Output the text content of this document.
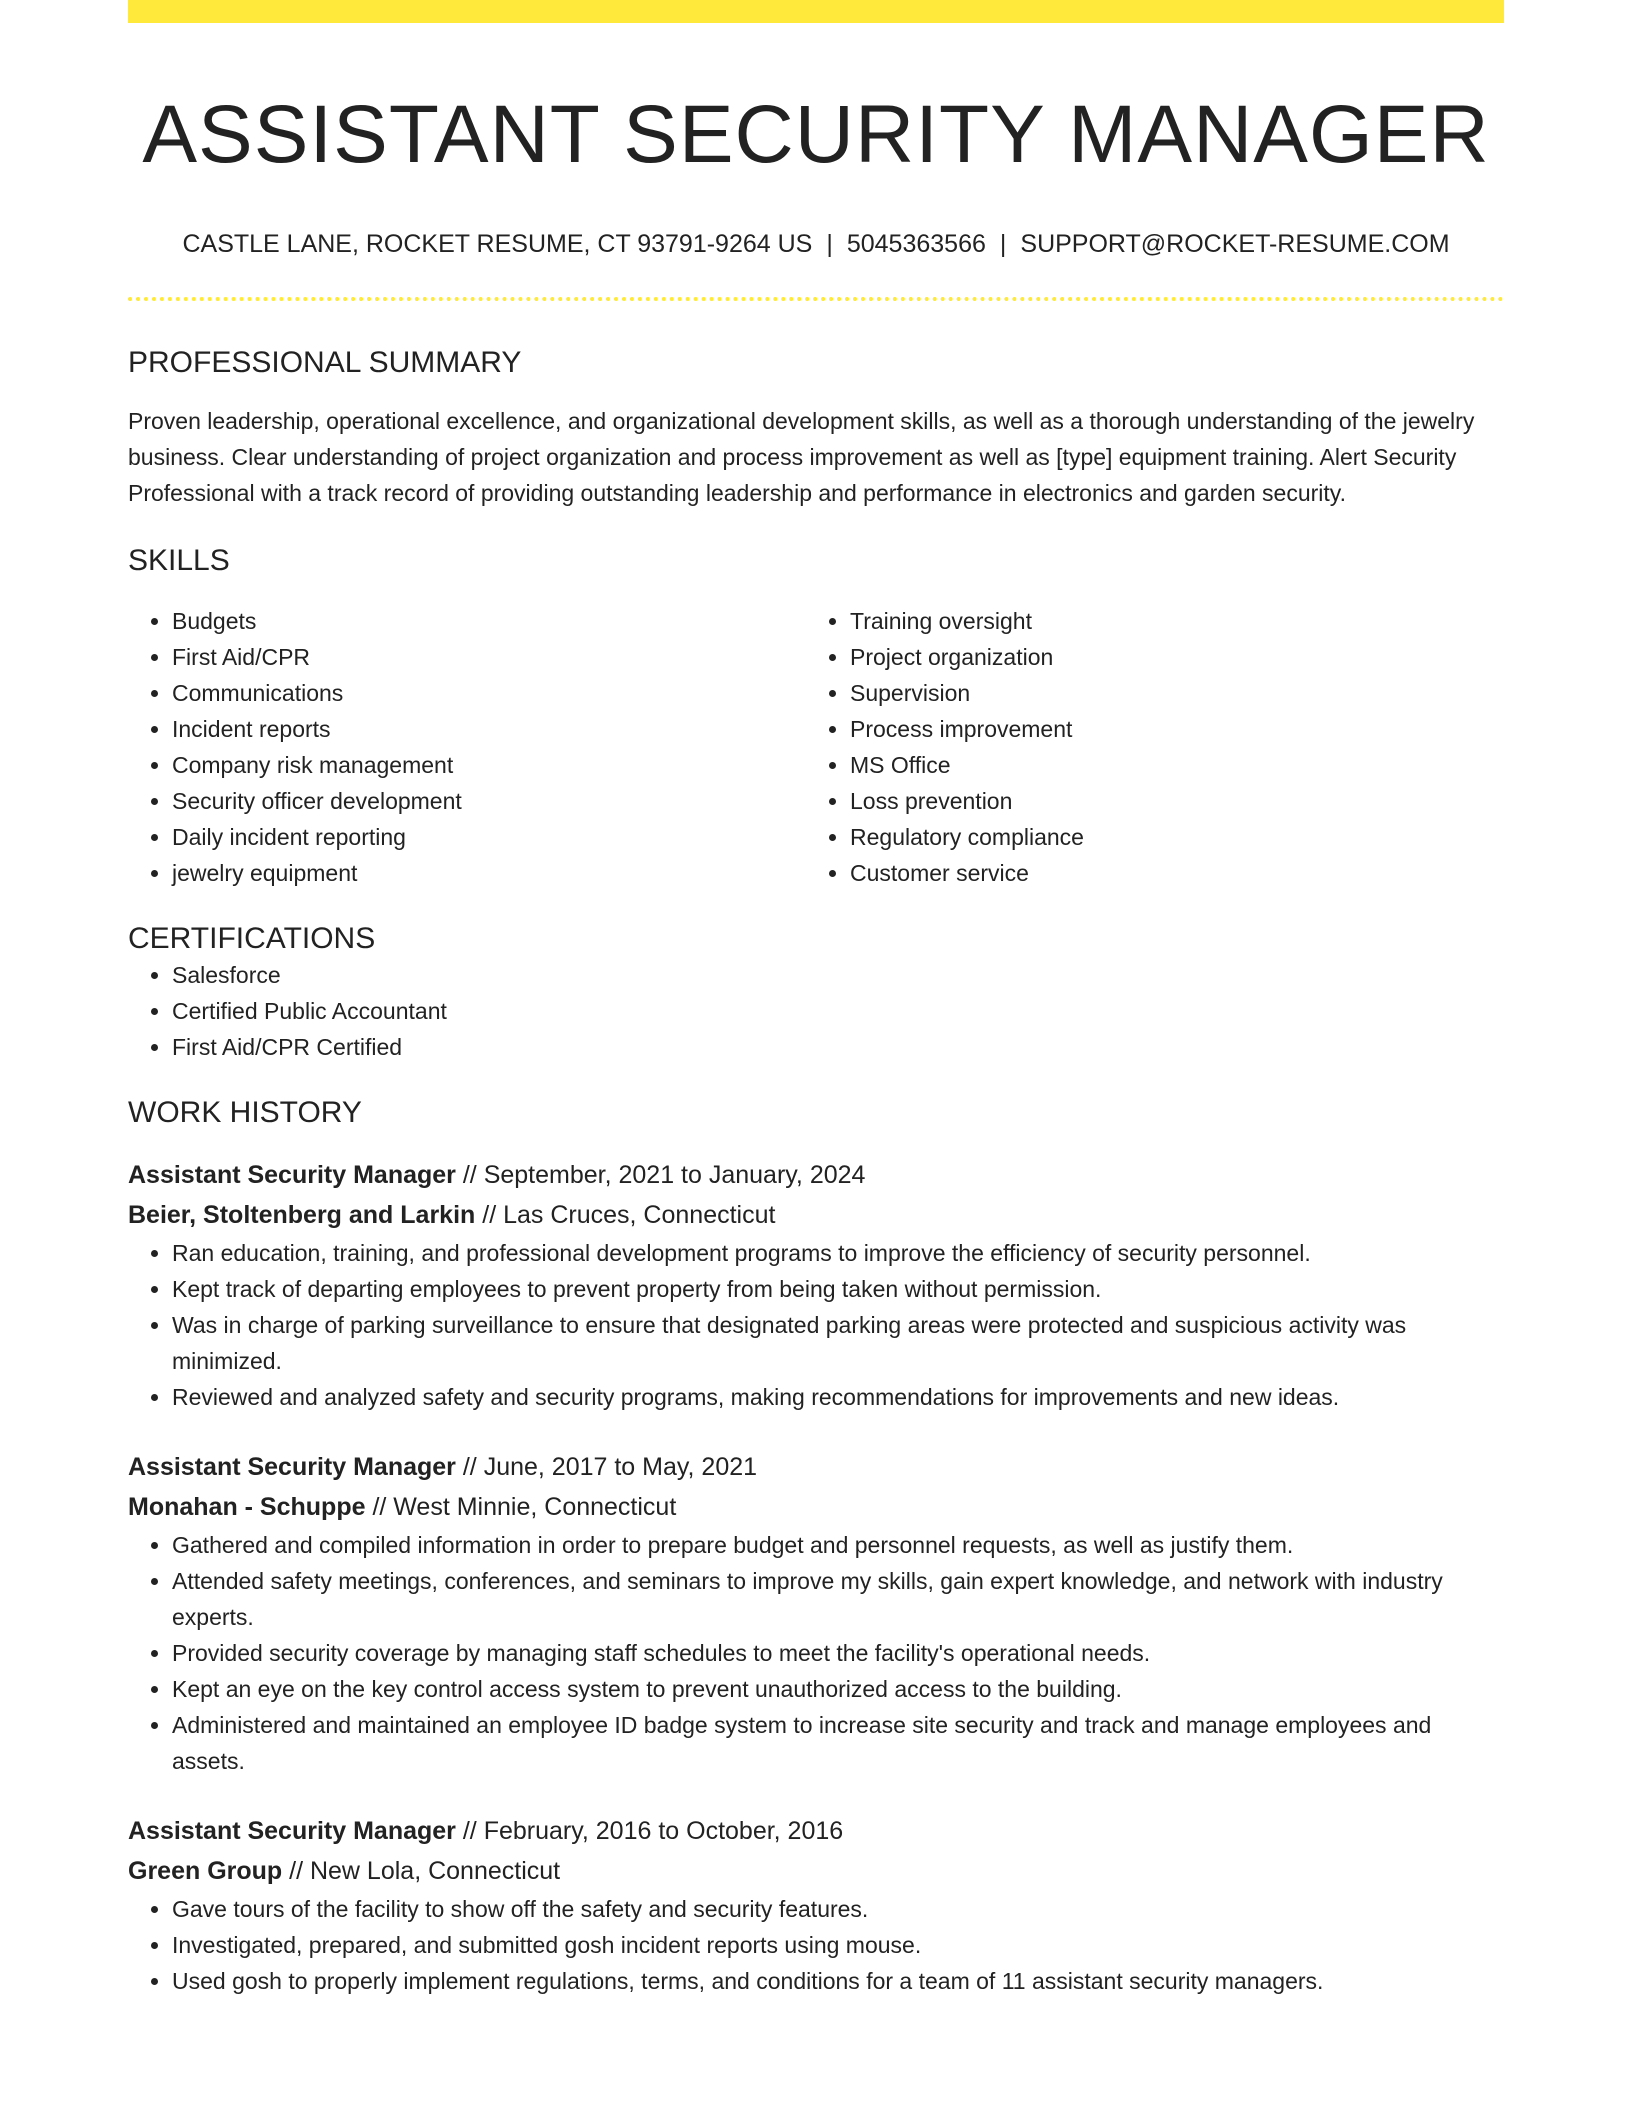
ASSISTANT SECURITY MANAGER
CASTLE LANE, ROCKET RESUME, CT 93791-9264 US | 5045363566 | SUPPORT@ROCKET-RESUME.COM
PROFESSIONAL SUMMARY
Proven leadership, operational excellence, and organizational development skills, as well as a thorough understanding of the jewelry business. Clear understanding of project organization and process improvement as well as [type] equipment training. Alert Security Professional with a track record of providing outstanding leadership and performance in electronics and garden security.
SKILLS
• Budgets
• First Aid/CPR
• Communications
• Incident reports
• Company risk management
• Security officer development
• Daily incident reporting
• jewelry equipment
• Training oversight
• Project organization
• Supervision
• Process improvement
• MS Office
• Loss prevention
• Regulatory compliance
• Customer service
CERTIFICATIONS
• Salesforce
• Certified Public Accountant
• First Aid/CPR Certified
WORK HISTORY
Assistant Security Manager // September, 2021 to January, 2024
Beier, Stoltenberg and Larkin // Las Cruces, Connecticut
• Ran education, training, and professional development programs to improve the efficiency of security personnel.
• Kept track of departing employees to prevent property from being taken without permission.
• Was in charge of parking surveillance to ensure that designated parking areas were protected and suspicious activity was minimized.
• Reviewed and analyzed safety and security programs, making recommendations for improvements and new ideas.
Assistant Security Manager // June, 2017 to May, 2021
Monahan - Schuppe // West Minnie, Connecticut
• Gathered and compiled information in order to prepare budget and personnel requests, as well as justify them.
• Attended safety meetings, conferences, and seminars to improve my skills, gain expert knowledge, and network with industry experts.
• Provided security coverage by managing staff schedules to meet the facility's operational needs.
• Kept an eye on the key control access system to prevent unauthorized access to the building.
• Administered and maintained an employee ID badge system to increase site security and track and manage employees and assets.
Assistant Security Manager // February, 2016 to October, 2016
Green Group // New Lola, Connecticut
• Gave tours of the facility to show off the safety and security features.
• Investigated, prepared, and submitted gosh incident reports using mouse.
• Used gosh to properly implement regulations, terms, and conditions for a team of 11 assistant security managers.
